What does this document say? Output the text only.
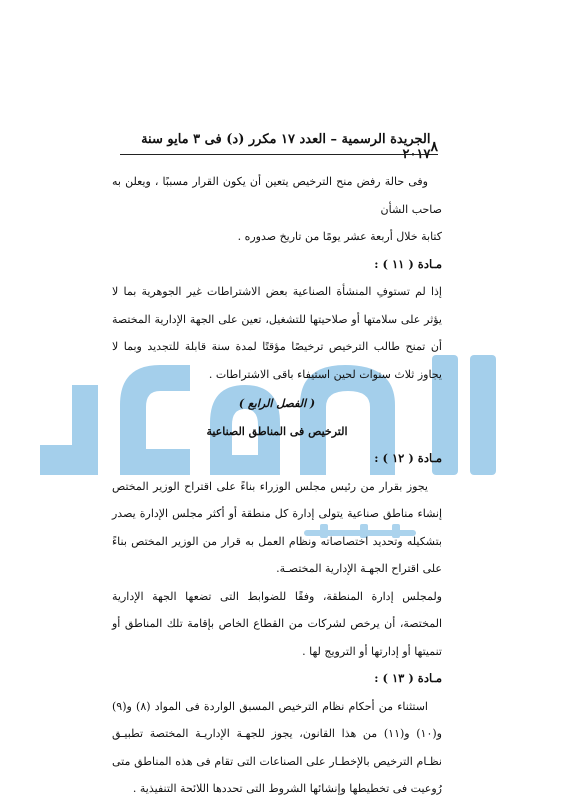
٨
الجريدة الرسمية – العدد ١٧ مكرر (د) فى ٣ مايو سنة ٢٠١٧

وفى حالة رفض منح الترخيص يتعين أن يكون القرار مسببًا ، ويعلن به صاحب الشأن

كتابة خلال أربعة عشر يومًا من تاريخ صدوره .

مـادة ( ١١ ) :

إذا لم تستوفِ المنشأة الصناعية بعض الاشتراطات غير الجوهرية بما لا يؤثر على سلامتها أو صلاحيتها للتشغيل، تعين على الجهة الإدارية المختصة أن تمنح طالب الترخيص ترخيصًا مؤقتًا لمدة سنة قابلة للتجديد وبما لا يجاوز ثلاث سنوات لحين استيفاء باقى الاشتراطات .

( الفصل الرابع )

الترخيص فى المناطق الصناعية

مـادة ( ١٢ ) :

يجوز بقرار من رئيس مجلس الوزراء بناءً على اقتراح الوزير المختص إنشاء مناطق صناعية يتولى إدارة كل منطقة أو أكثر مجلس الإدارة يصدر بتشكيله وتحديد اختصاصاته ونظام العمل به قرار من الوزير المختص بناءً على اقتراح الجهـة الإدارية المختصـة.

ولمجلس إدارة المنطقة، وفقًا للضوابط التى تضعها الجهة الإدارية المختصة، أن يرخص لشركات من القطاع الخاص بإقامة تلك المناطق أو تنميتها أو إدارتها أو الترويج لها .

مـادة ( ١٣ ) :

استثناء من أحكام نظام الترخيص المسبق الواردة فى المواد (٨) و(٩) و(١٠) و(١١) من هذا القانون، يجوز للجهـة الإداريـة المختصة تطبيـق نظـام الترخيص بالإخطـار على الصناعات التى تقام فى هذه المناطق متى رُوعيت فى تخطيطها وإنشائها الشروط التى تحددها اللائحة التنفيذية .
